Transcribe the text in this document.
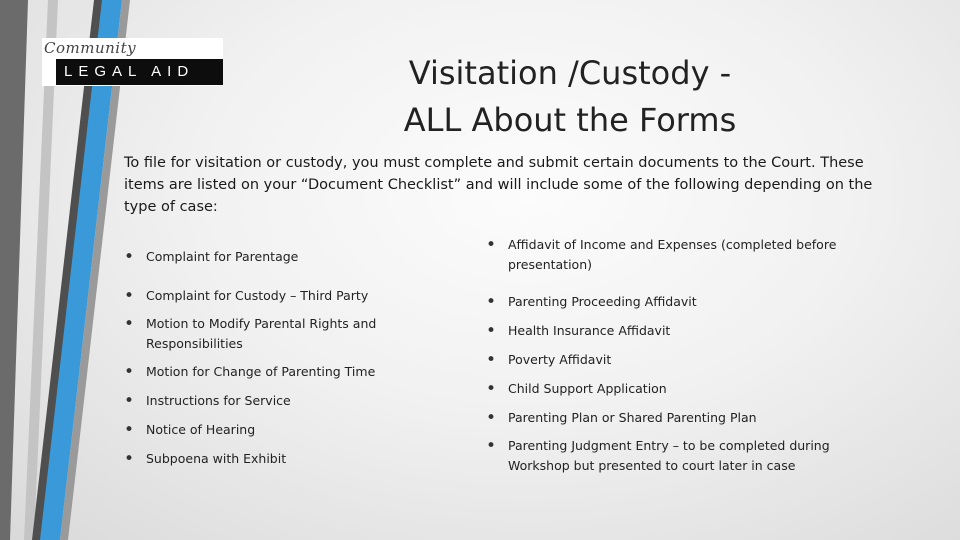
Community
LEGAL AID	Visitation /Custody -
ALL About the Forms

To file for visitation or custody, you must complete and submit certain documents to the Court. These items are listed on your “Document Checklist” and will include some of the following depending on the type of case:

• Complaint for Parentage
• Complaint for Custody – Third Party
• Motion to Modify Parental Rights and Responsibilities
• Motion for Change of Parenting Time
• Instructions for Service
• Notice of Hearing
• Subpoena with Exhibit
• Affidavit of Income and Expenses (completed before presentation)
• Parenting Proceeding Affidavit
• Health Insurance Affidavit
• Poverty Affidavit
• Child Support Application
• Parenting Plan or Shared Parenting Plan
• Parenting Judgment Entry – to be completed during Workshop but presented to court later in case
